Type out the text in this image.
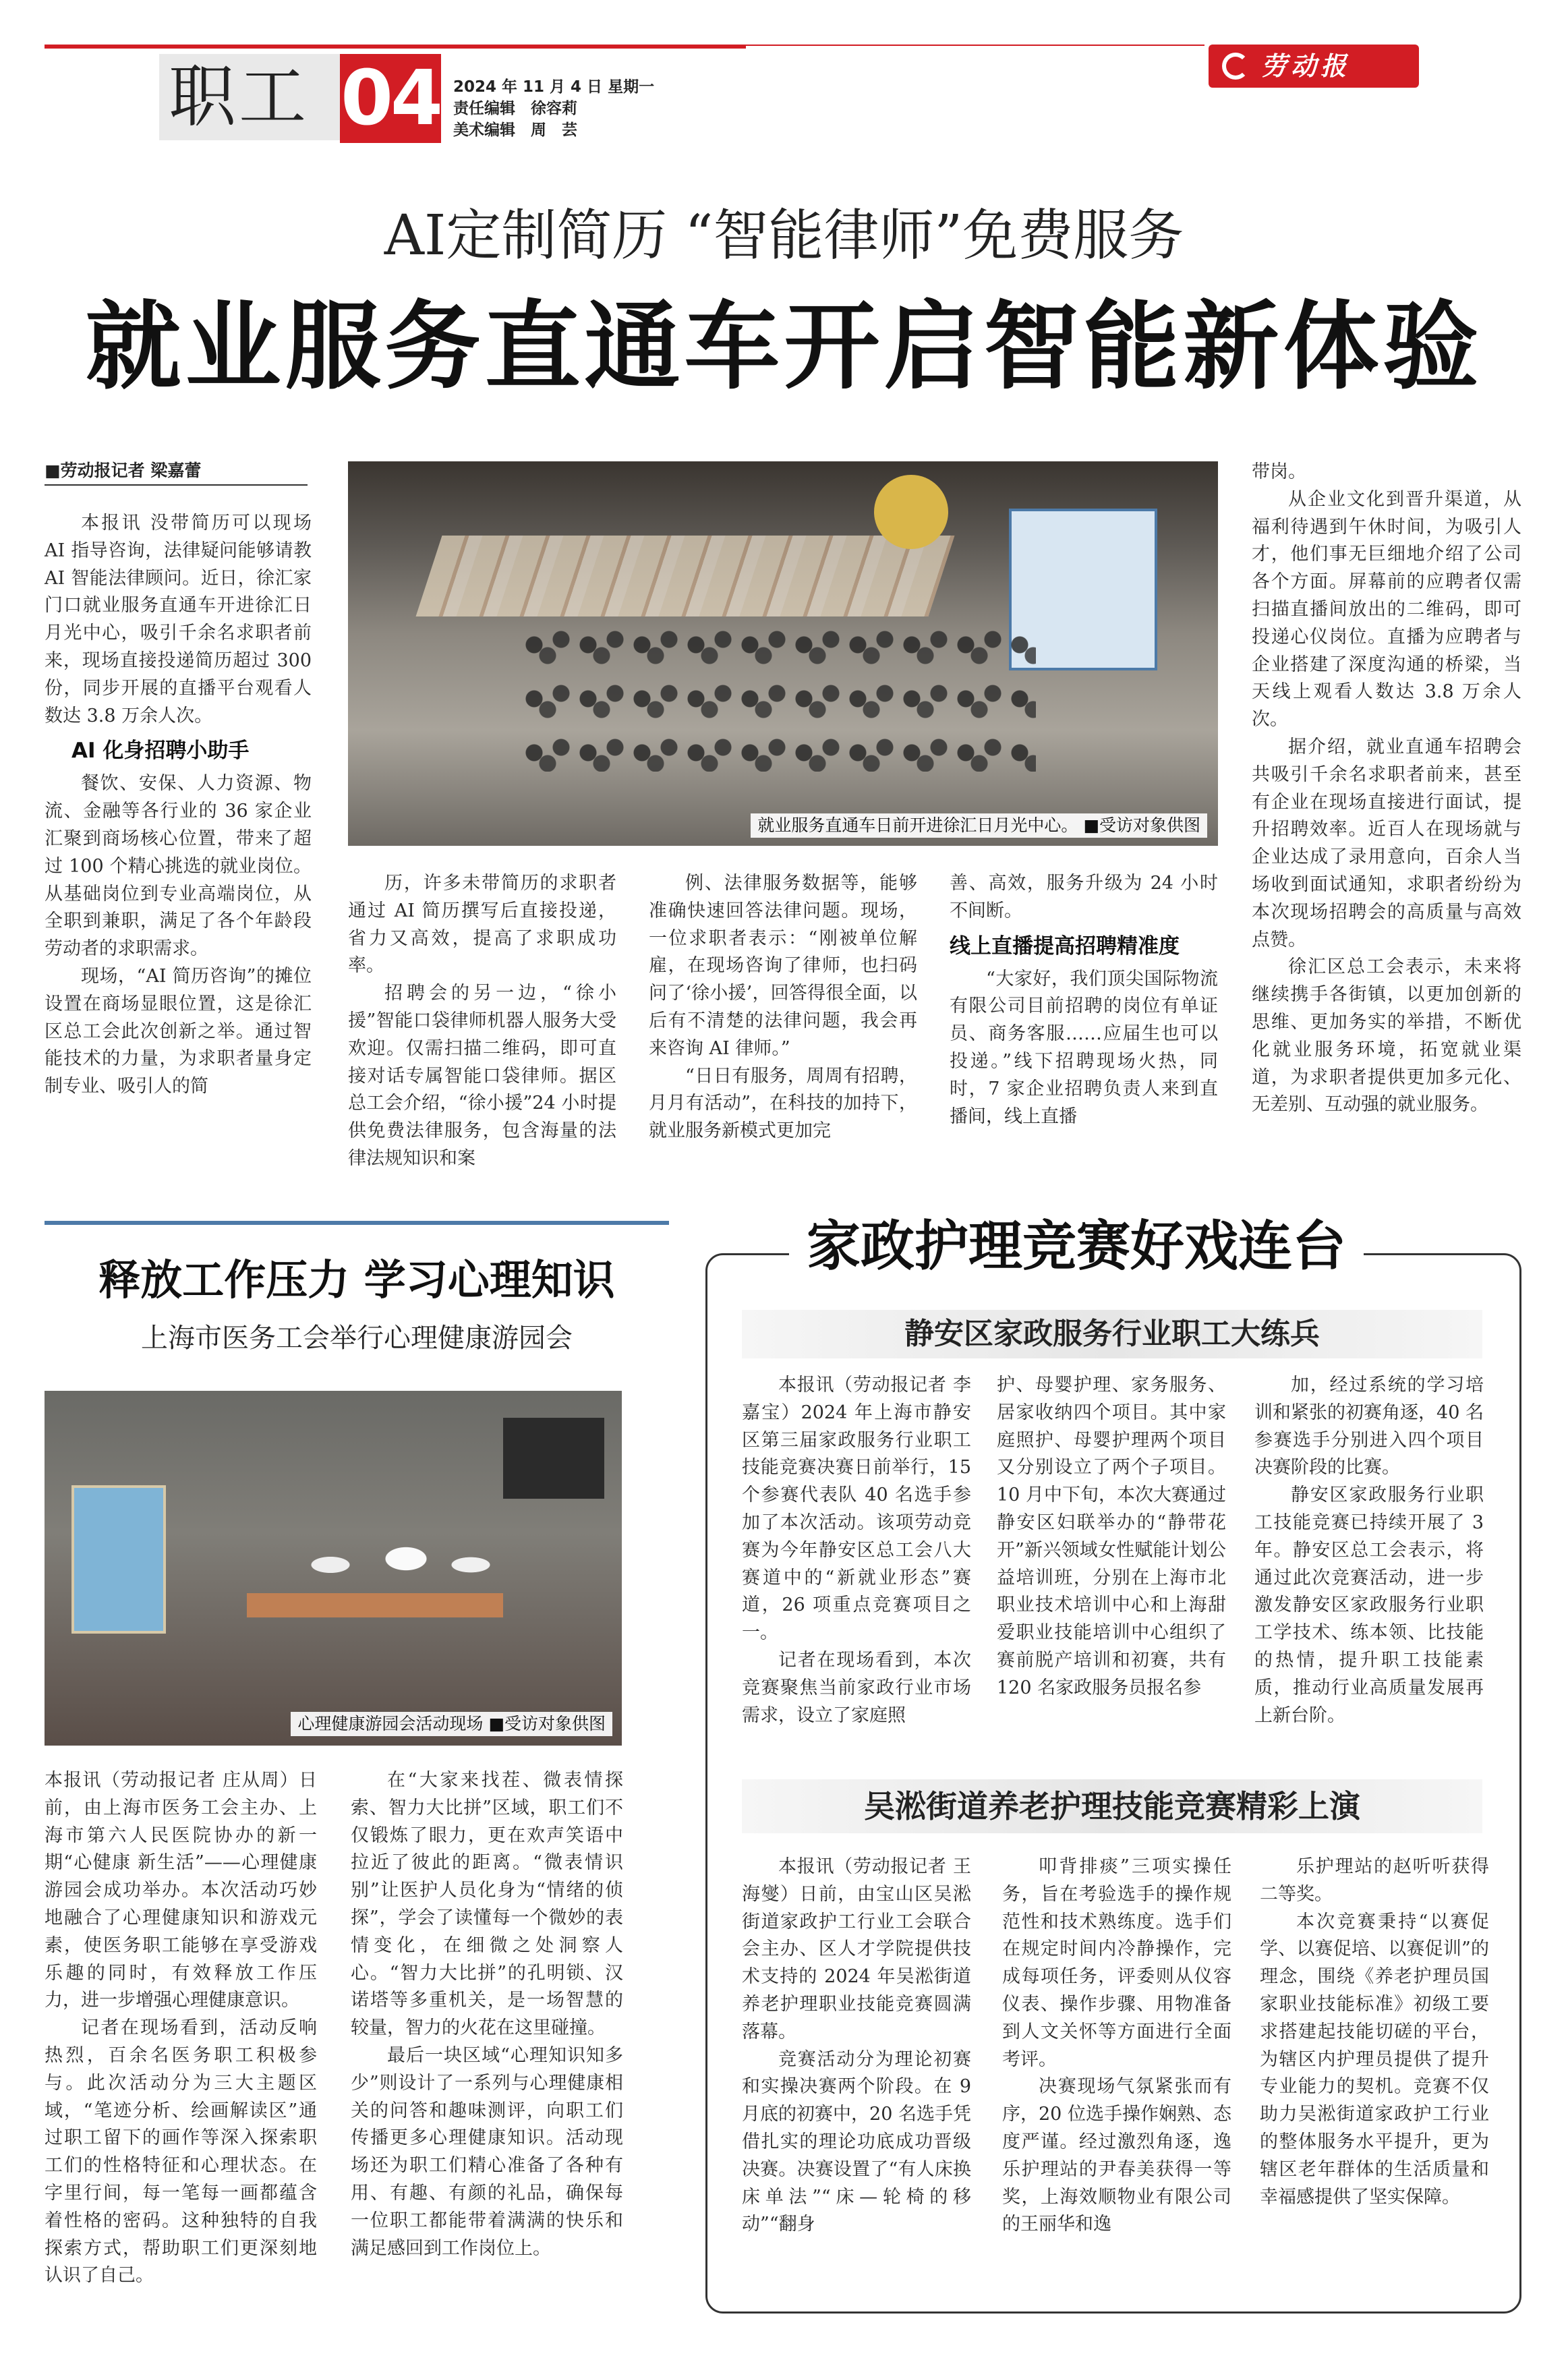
职工 04 2024 年 11 月 4 日 星期一
责任编辑　徐容莉
美术编辑　周　芸
劳动报
AI定制简历 “智能律师”免费服务
就业服务直通车开启智能新体验
■劳动报记者 梁嘉蕾
就业服务直通车日前开进徐汇日月光中心。 ■受访对象供图

本报讯 没带简历可以现场 AI 指导咨询，法律疑问能够请教 AI 智能法律顾问。近日，徐汇家门口就业服务直通车开进徐汇日月光中心，吸引千余名求职者前来，现场直接投递简历超过 300 份，同步开展的直播平台观看人数达 3.8 万余人次。

AI 化身招聘小助手
餐饮、安保、人力资源、物流、金融等各行业的 36 家企业汇聚到商场核心位置，带来了超过 100 个精心挑选的就业岗位。从基础岗位到专业高端岗位，从全职到兼职，满足了各个年龄段劳动者的求职需求。
现场，“AI 简历咨询”的摊位设置在商场显眼位置，这是徐汇区总工会此次创新之举。通过智能技术的力量，为求职者量身定制专业、吸引人的简
历，许多未带简历的求职者通过 AI 简历撰写后直接投递，省力又高效，提高了求职成功率。
招聘会的另一边，“徐小援”智能口袋律师机器人服务大受欢迎。仅需扫描二维码，即可直接对话专属智能口袋律师。据区总工会介绍，“徐小援”24 小时提供免费法律服务，包含海量的法律法规知识和案
例、法律服务数据等，能够准确快速回答法律问题。现场，一位求职者表示：“刚被单位解雇，在现场咨询了律师，也扫码问了‘徐小援’，回答得很全面，以后有不清楚的法律问题，我会再来咨询 AI 律师。”
“日日有服务，周周有招聘，月月有活动”，在科技的加持下，就业服务新模式更加完
善、高效，服务升级为 24 小时不间断。
线上直播提高招聘精准度
“大家好，我们顶尖国际物流有限公司目前招聘的岗位有单证员、商务客服……应届生也可以投递。”线下招聘现场火热，同时，7 家企业招聘负责人来到直播间，线上直播
带岗。
从企业文化到晋升渠道，从福利待遇到午休时间，为吸引人才，他们事无巨细地介绍了公司各个方面。屏幕前的应聘者仅需扫描直播间放出的二维码，即可投递心仪岗位。直播为应聘者与企业搭建了深度沟通的桥梁，当天线上观看人数达 3.8 万余人次。
据介绍，就业直通车招聘会共吸引千余名求职者前来，甚至有企业在现场直接进行面试，提升招聘效率。近百人在现场就与企业达成了录用意向，百余人当场收到面试通知，求职者纷纷为本次现场招聘会的高质量与高效点赞。
徐汇区总工会表示，未来将继续携手各街镇，以更加创新的思维、更加务实的举措，不断优化就业服务环境，拓宽就业渠道，为求职者提供更加多元化、无差别、互动强的就业服务。
释放工作压力 学习心理知识
上海市医务工会举行心理健康游园会
心理健康游园会活动现场 ■受访对象供图
本报讯（劳动报记者 庄从周）日前，由上海市医务工会主办、上海市第六人民医院协办的新一期“心健康 新生活”——心理健康游园会成功举办。本次活动巧妙地融合了心理健康知识和游戏元素，使医务职工能够在享受游戏乐趣的同时，有效释放工作压力，进一步增强心理健康意识。
记者在现场看到，活动反响热烈，百余名医务职工积极参与。此次活动分为三大主题区域，“笔迹分析、绘画解读区”通过职工留下的画作等深入探索职工们的性格特征和心理状态。在字里行间，每一笔每一画都蕴含着性格的密码。这种独特的自我探索方式，帮助职工们更深刻地认识了自己。
在“大家来找茬、微表情探索、智力大比拼”区域，职工们不仅锻炼了眼力，更在欢声笑语中拉近了彼此的距离。“微表情识别”让医护人员化身为“情绪的侦探”，学会了读懂每一个微妙的表情变化，在细微之处洞察人心。“智力大比拼”的孔明锁、汉诺塔等多重机关，是一场智慧的较量，智力的火花在这里碰撞。
最后一块区域“心理知识知多少”则设计了一系列与心理健康相关的问答和趣味测评，向职工们传播更多心理健康知识。活动现场还为职工们精心准备了各种有用、有趣、有颜的礼品，确保每一位职工都能带着满满的快乐和满足感回到工作岗位上。
家政护理竞赛好戏连台
静安区家政服务行业职工大练兵
本报讯（劳动报记者 李嘉宝）2024 年上海市静安区第三届家政服务行业职工技能竞赛决赛日前举行，15 个参赛代表队 40 名选手参加了本次活动。该项劳动竞赛为今年静安区总工会八大赛道中的“新就业形态”赛道，26 项重点竞赛项目之一。
记者在现场看到，本次竞赛聚焦当前家政行业市场需求，设立了家庭照
护、母婴护理、家务服务、居家收纳四个项目。其中家庭照护、母婴护理两个项目又分别设立了两个子项目。10 月中下旬，本次大赛通过静安区妇联举办的“静带花开”新兴领域女性赋能计划公益培训班，分别在上海市北职业技术培训中心和上海甜爱职业技能培训中心组织了赛前脱产培训和初赛，共有 120 名家政服务员报名参
加，经过系统的学习培训和紧张的初赛角逐，40 名参赛选手分别进入四个项目决赛阶段的比赛。
静安区家政服务行业职工技能竞赛已持续开展了 3 年。静安区总工会表示，将通过此次竞赛活动，进一步激发静安区家政服务行业职工学技术、练本领、比技能的热情，提升职工技能素质，推动行业高质量发展再上新台阶。
吴淞街道养老护理技能竞赛精彩上演
本报讯（劳动报记者 王海燮）日前，由宝山区吴淞街道家政护工行业工会联合会主办、区人才学院提供技术支持的 2024 年吴淞街道养老护理职业技能竞赛圆满落幕。
竞赛活动分为理论初赛和实操决赛两个阶段。在 9 月底的初赛中，20 名选手凭借扎实的理论功底成功晋级决赛。决赛设置了“有人床换床单法”“床—轮椅的移动”“翻身
叩背排痰”三项实操任务，旨在考验选手的操作规范性和技术熟练度。选手们在规定时间内冷静操作，完成每项任务，评委则从仪容仪表、操作步骤、用物准备到人文关怀等方面进行全面考评。
决赛现场气氛紧张而有序，20 位选手操作娴熟、态度严谨。经过激烈角逐，逸乐护理站的尹春美获得一等奖，上海效顺物业有限公司的王丽华和逸
乐护理站的赵听听获得二等奖。
本次竞赛秉持“以赛促学、以赛促培、以赛促训”的理念，围绕《养老护理员国家职业技能标准》初级工要求搭建起技能切磋的平台，为辖区内护理员提供了提升专业能力的契机。竞赛不仅助力吴淞街道家政护工行业的整体服务水平提升，更为辖区老年群体的生活质量和幸福感提供了坚实保障。
